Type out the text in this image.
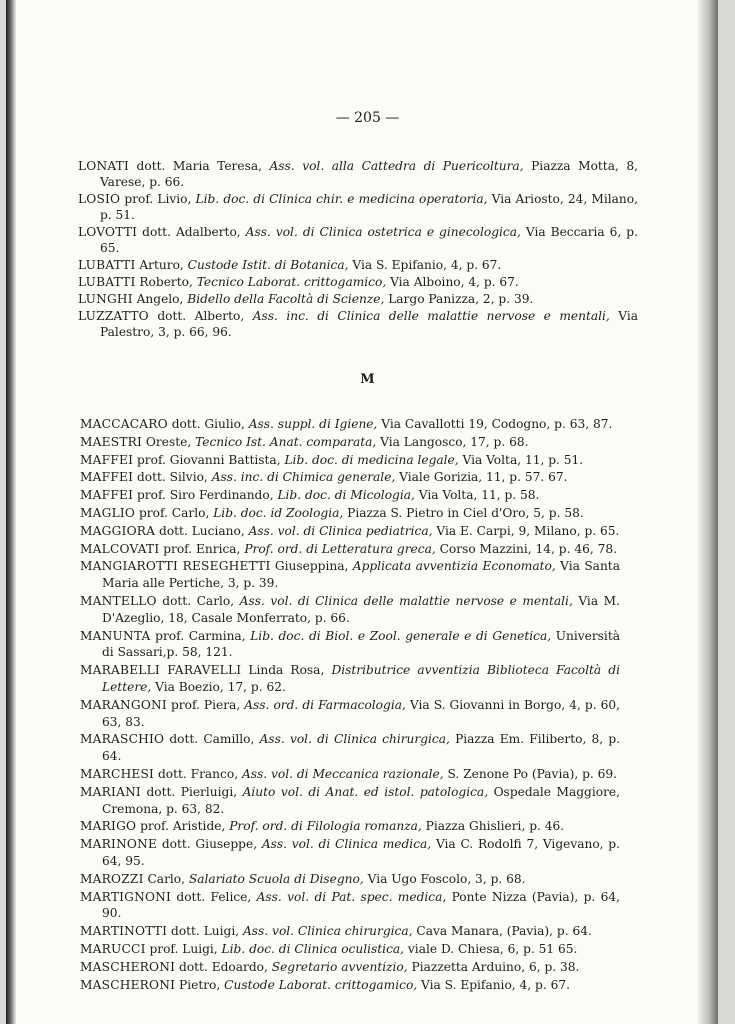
— 205 —

LONATI dott. Maria Teresa, Ass. vol. alla Cattedra di Puericoltura, Piazza Motta, 8, Varese, p. 66.

LOSIO prof. Livio, Lib. doc. di Clinica chir. e medicina operatoria, Via Ariosto, 24, Milano, p. 51.

LOVOTTI dott. Adalberto, Ass. vol. di Clinica ostetrica e ginecologica, Via Beccaria 6, p. 65.

LUBATTI Arturo, Custode Istit. di Botanica, Via S. Epifanio, 4, p. 67.

LUBATTI Roberto, Tecnico Laborat. crittogamico, Via Alboino, 4, p. 67.

LUNGHI Angelo, Bidello della Facoltà di Scienze, Largo Panizza, 2, p. 39.

LUZZATTO dott. Alberto, Ass. inc. di Clinica delle malattie nervose e mentali, Via Palestro, 3, p. 66, 96.

M

MACCACARO dott. Giulio, Ass. suppl. di Igiene, Via Cavallotti 19, Codogno, p. 63, 87.

MAESTRI Oreste, Tecnico Ist. Anat. comparata, Via Langosco, 17, p. 68.

MAFFEI prof. Giovanni Battista, Lib. doc. di medicina legale, Via Volta, 11, p. 51.

MAFFEI dott. Silvio, Ass. inc. di Chimica generale, Viale Gorizia, 11, p. 57. 67.

MAFFEI prof. Siro Ferdinando, Lib. doc. di Micologia, Via Volta, 11, p. 58.

MAGLIO prof. Carlo, Lib. doc. id Zoologia, Piazza S. Pietro in Ciel d'Oro, 5, p. 58.

MAGGIORA dott. Luciano, Ass. vol. di Clinica pediatrica, Via E. Carpi, 9, Milano, p. 65.

MALCOVATI prof. Enrica, Prof. ord. di Letteratura greca, Corso Mazzini, 14, p. 46, 78.

MANGIAROTTI RESEGHETTI Giuseppina, Applicata avventizia Economato, Via Santa Maria alle Pertiche, 3, p. 39.

MANTELLO dott. Carlo, Ass. vol. di Clinica delle malattie nervose e mentali, Via M. D'Azeglio, 18, Casale Monferrato, p. 66.

MANUNTA prof. Carmina, Lib. doc. di Biol. e Zool. generale e di Genetica, Università di Sassari,p. 58, 121.

MARABELLI FARAVELLI Linda Rosa, Distributrice avventizia Biblioteca Facoltà di Lettere, Via Boezio, 17, p. 62.

MARANGONI prof. Piera, Ass. ord. di Farmacologia, Via S. Giovanni in Borgo, 4, p. 60, 63, 83.

MARASCHIO dott. Camillo, Ass. vol. di Clinica chirurgica, Piazza Em. Filiberto, 8, p. 64.

MARCHESI dott. Franco, Ass. vol. di Meccanica razionale, S. Zenone Po (Pavia), p. 69.

MARIANI dott. Pierluigi, Aiuto vol. di Anat. ed istol. patologica, Ospedale Maggiore, Cremona, p. 63, 82.

MARIGO prof. Aristide, Prof. ord. di Filologia romanza, Piazza Ghislieri, p. 46.

MARINONE dott. Giuseppe, Ass. vol. di Clinica medica, Via C. Rodolfi 7, Vigevano, p. 64, 95.

MAROZZI Carlo, Salariato Scuola di Disegno, Via Ugo Foscolo, 3, p. 68.

MARTIGNONI dott. Felice, Ass. vol. di Pat. spec. medica, Ponte Nizza (Pavia), p. 64, 90.

MARTINOTTI dott. Luigi, Ass. vol. Clinica chirurgica, Cava Manara, (Pavia), p. 64.

MARUCCI prof. Luigi, Lib. doc. di Clinica oculistica, viale D. Chiesa, 6, p. 51 65.

MASCHERONI dott. Edoardo, Segretario avventizio, Piazzetta Arduino, 6, p. 38.

MASCHERONI Pietro, Custode Laborat. crittogamico, Via S. Epifanio, 4, p. 67.
